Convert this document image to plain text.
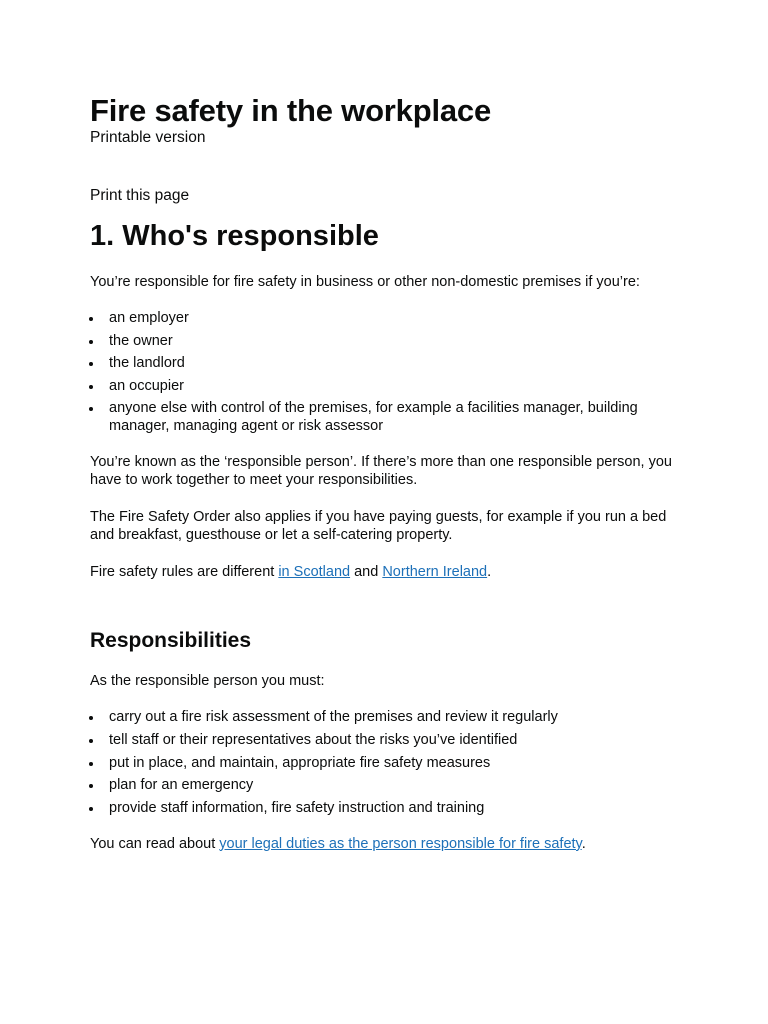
Fire safety in the workplace

Printable version

Print this page
1. Who's responsible

You’re responsible for fire safety in business or other non-domestic premises if you’re:

an employer
the owner
the landlord
an occupier
anyone else with control of the premises, for example a facilities manager, building manager, managing agent or risk assessor

You’re known as the ‘responsible person’. If there’s more than one responsible person, you have to work together to meet your responsibilities.

The Fire Safety Order also applies if you have paying guests, for example if you run a bed and breakfast, guesthouse or let a self-catering property.

Fire safety rules are different in Scotland and Northern Ireland.

Responsibilities

As the responsible person you must:

carry out a fire risk assessment of the premises and review it regularly
tell staff or their representatives about the risks you’ve identified
put in place, and maintain, appropriate fire safety measures
plan for an emergency
provide staff information, fire safety instruction and training

You can read about your legal duties as the person responsible for fire safety.
